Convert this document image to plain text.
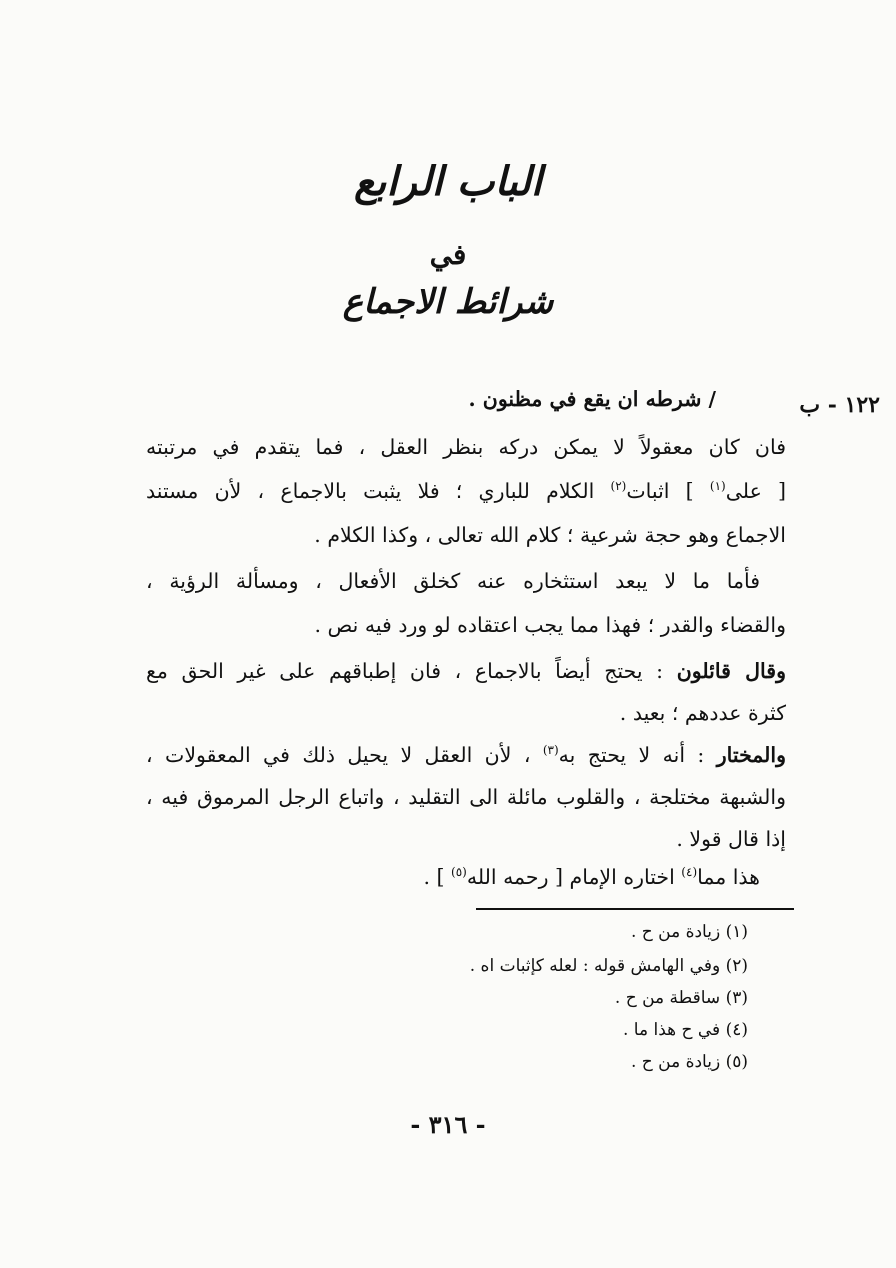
الباب الرابع
في
شرائط الاجماع
١٢٢ - ب
/ شرطه ان يقع في مظنون .
فان كان معقولاً لا يمكن دركه بنظر العقل ، فما يتقدم في مرتبته
[ على$^{(١)}$ ] اثبات$^{(٢)}$ الكلام للباري ؛ فلا يثبت بالاجماع ، لأن مستند
الاجماع وهو حجة شرعية ؛ كلام الله تعالى ، وكذا الكلام .
فأما ما لا يبعد استثخاره عنه كخلق الأفعال ، ومسألة الرؤية ،
والقضاء والقدر ؛ فهذا مما يجب اعتقاده لو ورد فيه نص .
وقال قائلون : يحتج أيضاً بالاجماع ، فان إطباقهم على غير الحق مع
كثرة عددهم ؛ بعيد .
والمختار : أنه لا يحتج به$^{(٣)}$ ، لأن العقل لا يحيل ذلك في المعقولات ،
والشبهة مختلجة ، والقلوب مائلة الى التقليد ، واتباع الرجل المرموق فيه ،
إذا قال قولا .
هذا مما$^{(٤)}$ اختاره الإمام [ رحمه الله$^{(٥)}$ ] .
(١) زيادة من ح .
(٢) وفي الهامش قوله : لعله كإثبات اه .
(٣) ساقطة من ح .
(٤) في ح هذا ما .
(٥) زيادة من ح .
- ٣١٦ -
